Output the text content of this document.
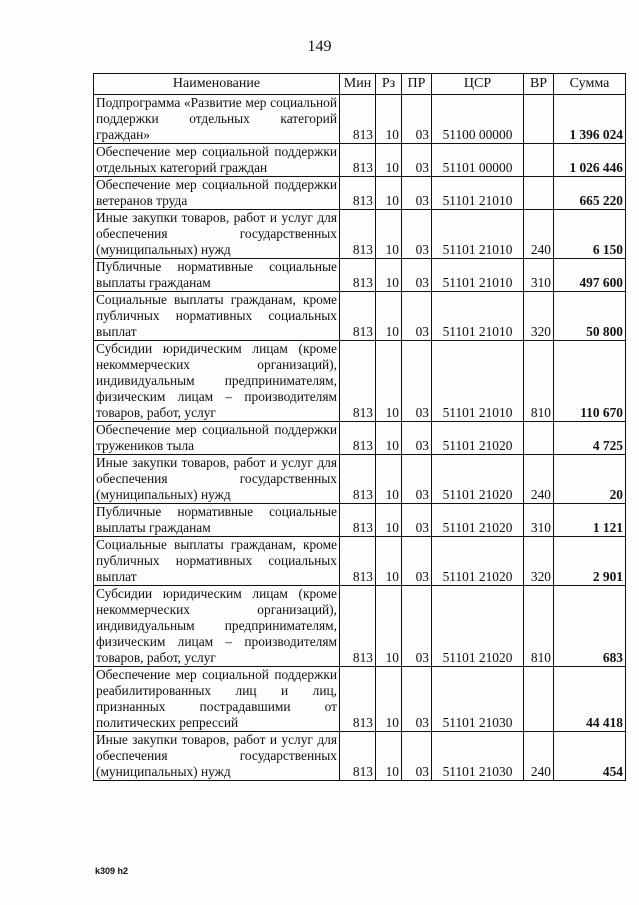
149
Наименование	Мин	Рз	ПР	ЦСР	ВР	Сумма
Подпрограмма «Развитие мер социальной поддержки отдельных категорий граждан»	813	10	03	51100 00000		1 396 024
Обеспечение мер социальной поддержки отдельных категорий граждан	813	10	03	51101 00000		1 026 446
Обеспечение мер социальной поддержки ветеранов труда	813	10	03	51101 21010		665 220
Иные закупки товаров, работ и услуг для обеспечения государственных (муниципальных) нужд	813	10	03	51101 21010	240	6 150
Публичные нормативные социальные выплаты гражданам	813	10	03	51101 21010	310	497 600
Социальные выплаты гражданам, кроме публичных нормативных социальных выплат	813	10	03	51101 21010	320	50 800
Субсидии юридическим лицам (кроме некоммерческих организаций), индивидуальным предпринимателям, физическим лицам – производителям товаров, работ, услуг	813	10	03	51101 21010	810	110 670
Обеспечение мер социальной поддержки тружеников тыла	813	10	03	51101 21020		4 725
Иные закупки товаров, работ и услуг для обеспечения государственных (муниципальных) нужд	813	10	03	51101 21020	240	20
Публичные нормативные социальные выплаты гражданам	813	10	03	51101 21020	310	1 121
Социальные выплаты гражданам, кроме публичных нормативных социальных выплат	813	10	03	51101 21020	320	2 901
Субсидии юридическим лицам (кроме некоммерческих организаций), индивидуальным предпринимателям, физическим лицам – производителям товаров, работ, услуг	813	10	03	51101 21020	810	683
Обеспечение мер социальной поддержки реабилитированных лиц и лиц, признанных пострадавшими от политических репрессий	813	10	03	51101 21030		44 418
Иные закупки товаров, работ и услуг для обеспечения государственных (муниципальных) нужд	813	10	03	51101 21030	240	454
k309 h2
